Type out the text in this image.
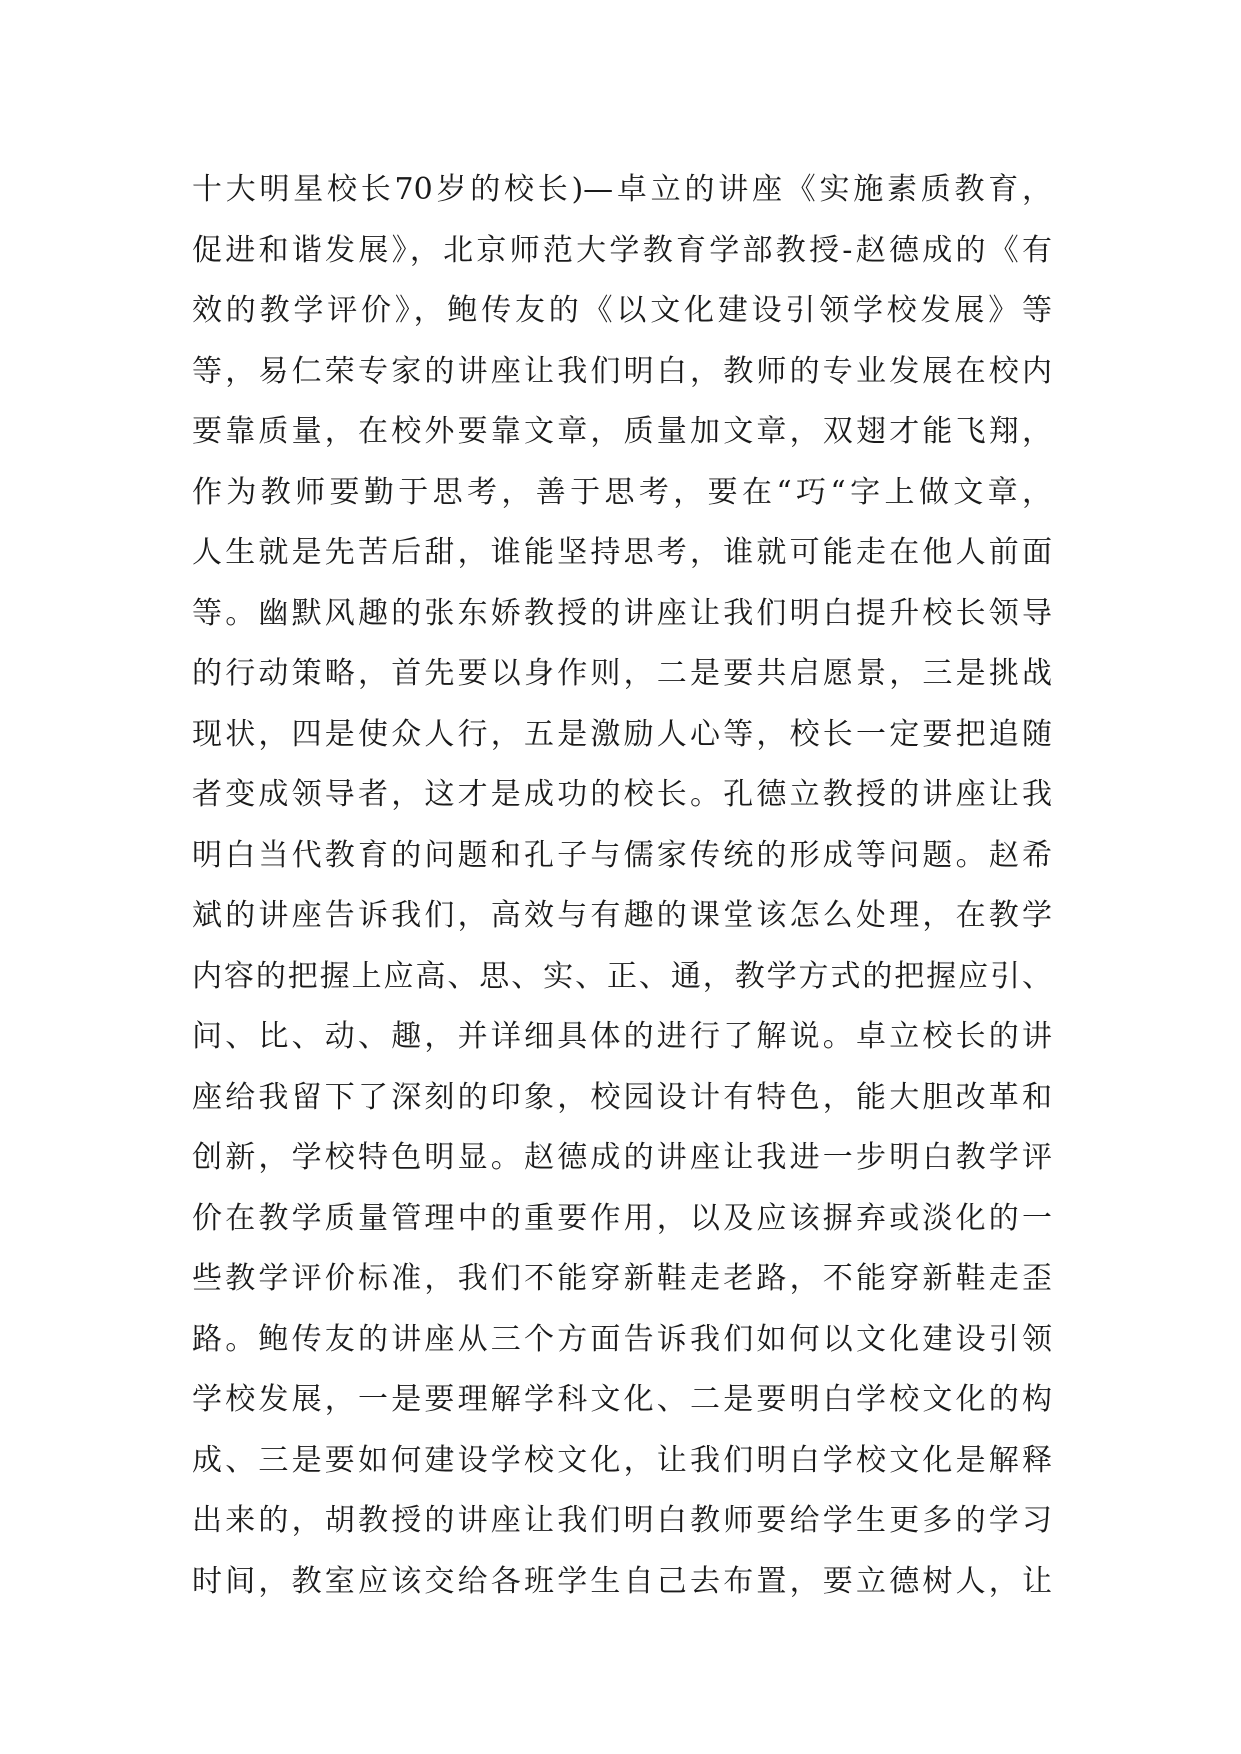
十大明星校长70岁的校长)—卓立的讲座《实施素质教育，
促进和谐发展》，北京师范大学教育学部教授-赵德成的《有
效的教学评价》，鲍传友的《以文化建设引领学校发展》等
等，易仁荣专家的讲座让我们明白，教师的专业发展在校内
要靠质量，在校外要靠文章，质量加文章，双翅才能飞翔，
作为教师要勤于思考，善于思考，要在“巧“字上做文章，
人生就是先苦后甜，谁能坚持思考，谁就可能走在他人前面
等。幽默风趣的张东娇教授的讲座让我们明白提升校长领导
的行动策略，首先要以身作则，二是要共启愿景，三是挑战
现状，四是使众人行，五是激励人心等，校长一定要把追随
者变成领导者，这才是成功的校长。孔德立教授的讲座让我
明白当代教育的问题和孔子与儒家传统的形成等问题。赵希
斌的讲座告诉我们，高效与有趣的课堂该怎么处理，在教学
内容的把握上应高、思、实、正、通，教学方式的把握应引、
问、比、动、趣，并详细具体的进行了解说。卓立校长的讲
座给我留下了深刻的印象，校园设计有特色，能大胆改革和
创新，学校特色明显。赵德成的讲座让我进一步明白教学评
价在教学质量管理中的重要作用，以及应该摒弃或淡化的一
些教学评价标准，我们不能穿新鞋走老路，不能穿新鞋走歪
路。鲍传友的讲座从三个方面告诉我们如何以文化建设引领
学校发展，一是要理解学科文化、二是要明白学校文化的构
成、三是要如何建设学校文化，让我们明白学校文化是解释
出来的，胡教授的讲座让我们明白教师要给学生更多的学习
时间，教室应该交给各班学生自己去布置，要立德树人，让
